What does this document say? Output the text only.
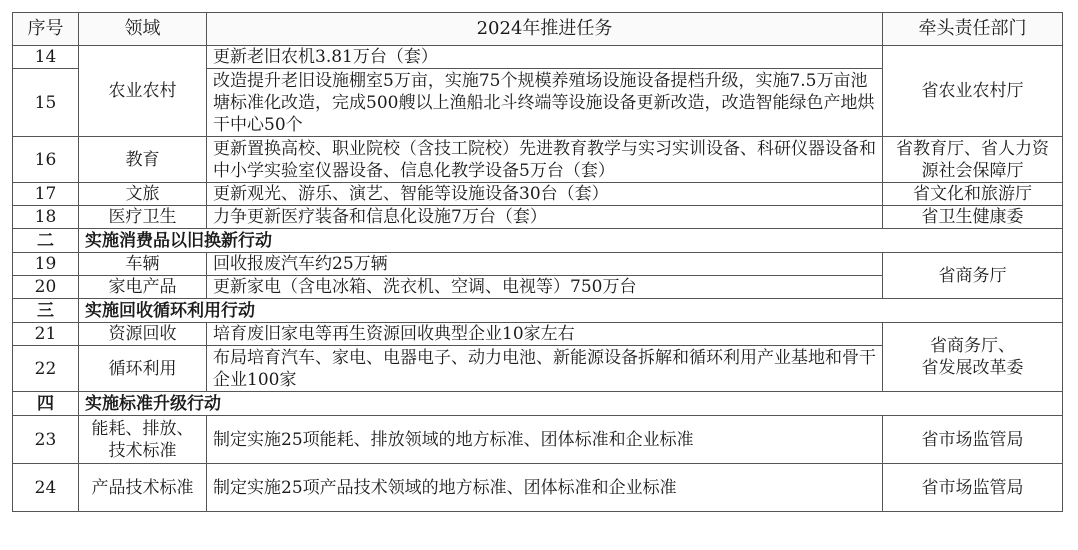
序号	领域	2024年推进任务	牵头责任部门
14	农业农村	更新老旧农机3.81万台（套）	省农业农村厅
15		改造提升老旧设施棚室5万亩，实施75个规模养殖场设施设备提档升级，实施7.5万亩池塘标准化改造，完成500艘以上渔船北斗终端等设施设备更新改造，改造智能绿色产地烘干中心50个	
16	教育	更新置换高校、职业院校（含技工院校）先进教育教学与实习实训设备、科研仪器设备和中小学实验室仪器设备、信息化教学设备5万台（套）	省教育厅、省人力资源社会保障厅
17	文旅	更新观光、游乐、演艺、智能等设施设备30台（套）	省文化和旅游厅
18	医疗卫生	力争更新医疗装备和信息化设施7万台（套）	省卫生健康委
二	实施消费品以旧换新行动		
19	车辆	回收报废汽车约25万辆	省商务厅
20	家电产品	更新家电（含电冰箱、洗衣机、空调、电视等）750万台	
三	实施回收循环利用行动		
21	资源回收	培育废旧家电等再生资源回收典型企业10家左右	省商务厅、
省发展改革委
22	循环利用	布局培育汽车、家电、电器电子、动力电池、新能源设备拆解和循环利用产业基地和骨干企业100家	
四	实施标准升级行动		
23	能耗、排放、技术标准	制定实施25项能耗、排放领域的地方标准、团体标准和企业标准	省市场监管局
24	产品技术标准	制定实施25项产品技术领域的地方标准、团体标准和企业标准	省市场监管局
